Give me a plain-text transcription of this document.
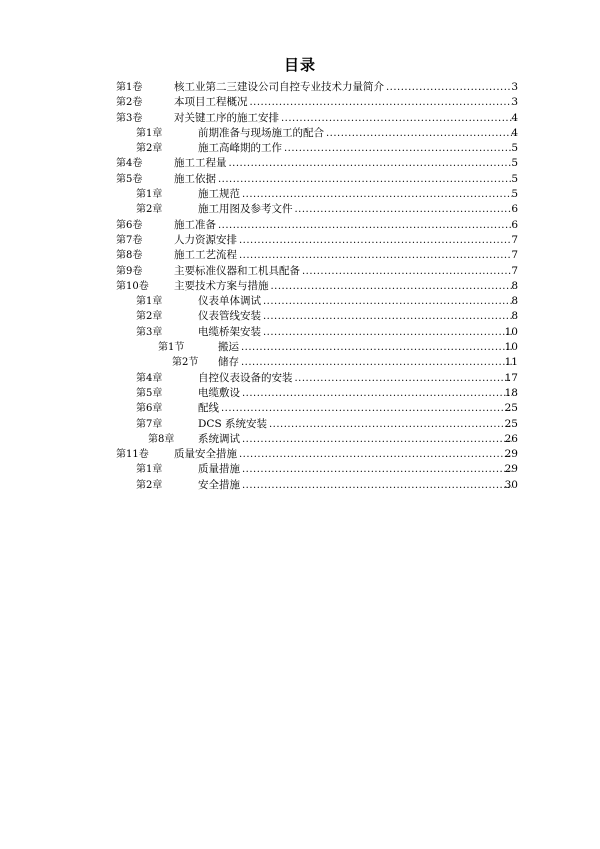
目录
第1卷	核工业第二三建设公司自控专业技术力量简介 .....	3
第2卷	本项目工程概况 .....	3
第3卷	对关键工序的施工安排 .....	4
第1章	前期准备与现场施工的配合 .....	4
第2章	施工高峰期的工作 .....	5
第4卷	施工工程量 .....	5
第5卷	施工依据 .....	5
第1章	施工规范 .....	5
第2章	施工用图及参考文件 .....	6
第6卷	施工准备 .....	6
第7卷	人力资源安排 .....	7
第8卷	施工工艺流程 .....	7
第9卷	主要标准仪器和工机具配备 .....	7
第10卷 主要技术方案与措施 .....	8
第1章	仪表单体调试 .....	8
第2章	仪表管线安装 .....	8
第3章	电缆桥架安装 .....	10
第1节	搬运 .....	10
第2节 储存 .....	11
第4章	自控仪表设备的安装 .....	17
第5章	电缆敷设 .....	18
第6章	配线 .....	25
第7章	DCS 系统安装 .....	25
第8章 系统调试 .....	26
第11卷 质量安全措施 .....	29
第1章	质量措施 .....	29
第2章	安全措施 .....	30
